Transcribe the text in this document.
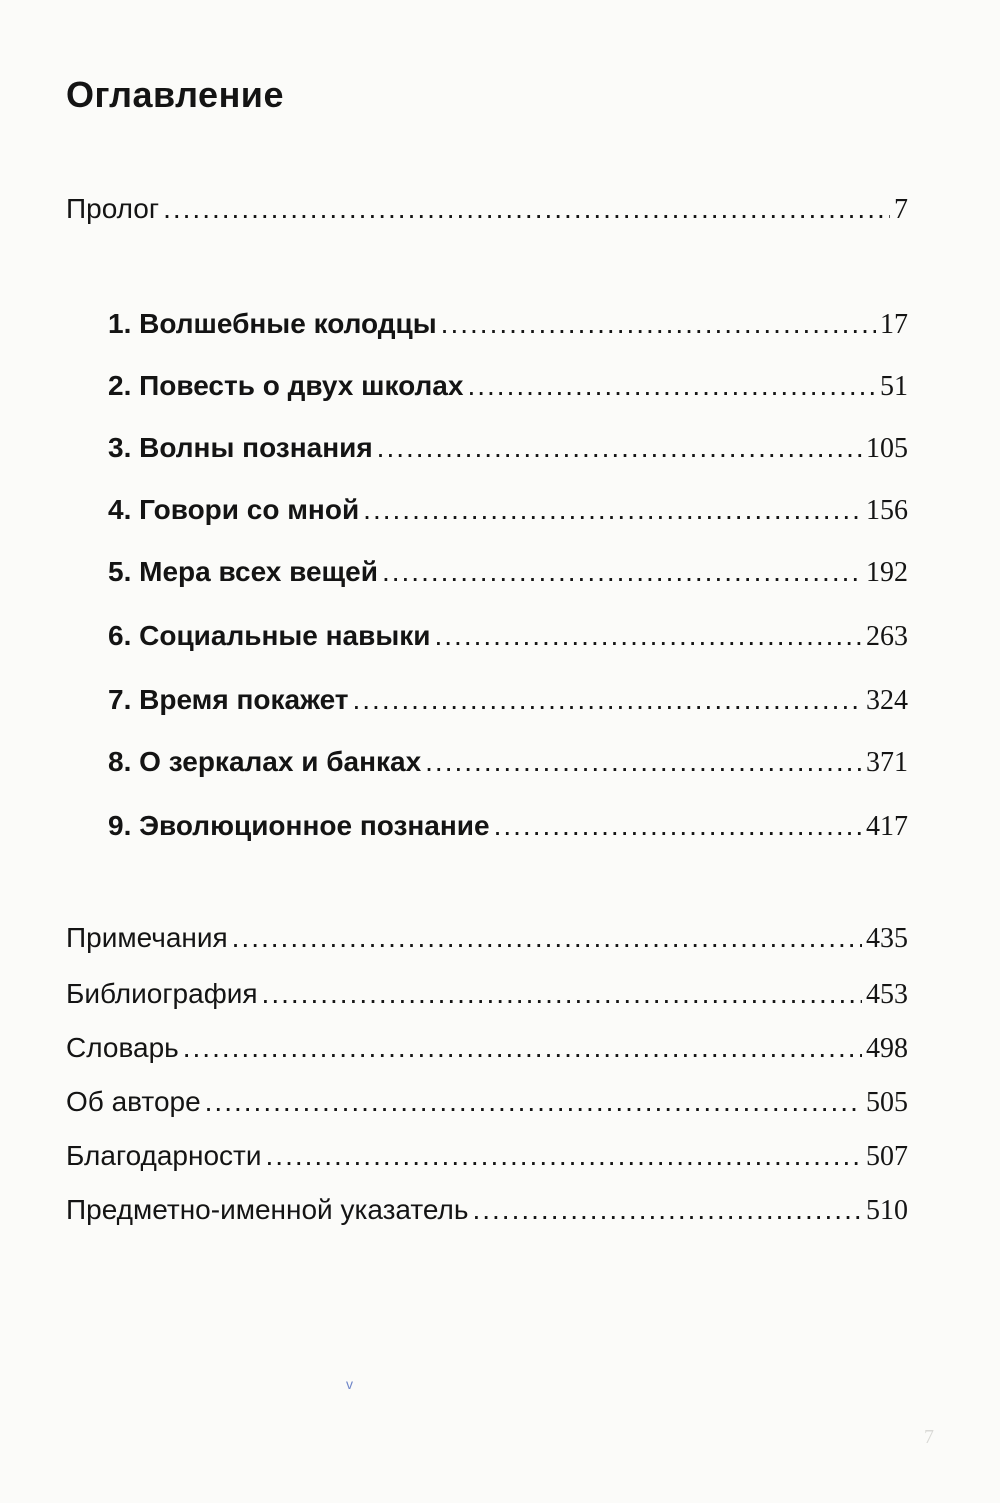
Оглавление
Пролог .....	7
1. Волшебные колодцы .....	17
2. Повесть о двух школах .....	51
3. Волны познания .....	105
4. Говори со мной .....	156
5. Мера всех вещей .....	192
6. Социальные навыки .....	263
7. Время покажет .....	324
8. О зеркалах и банках .....	371
9. Эволюционное познание .....	417
Примечания .....	435
Библиография .....	453
Словарь .....	498
Об авторе .....	505
Благодарности .....	507
Предметно-именной указатель .....	510
v
7
